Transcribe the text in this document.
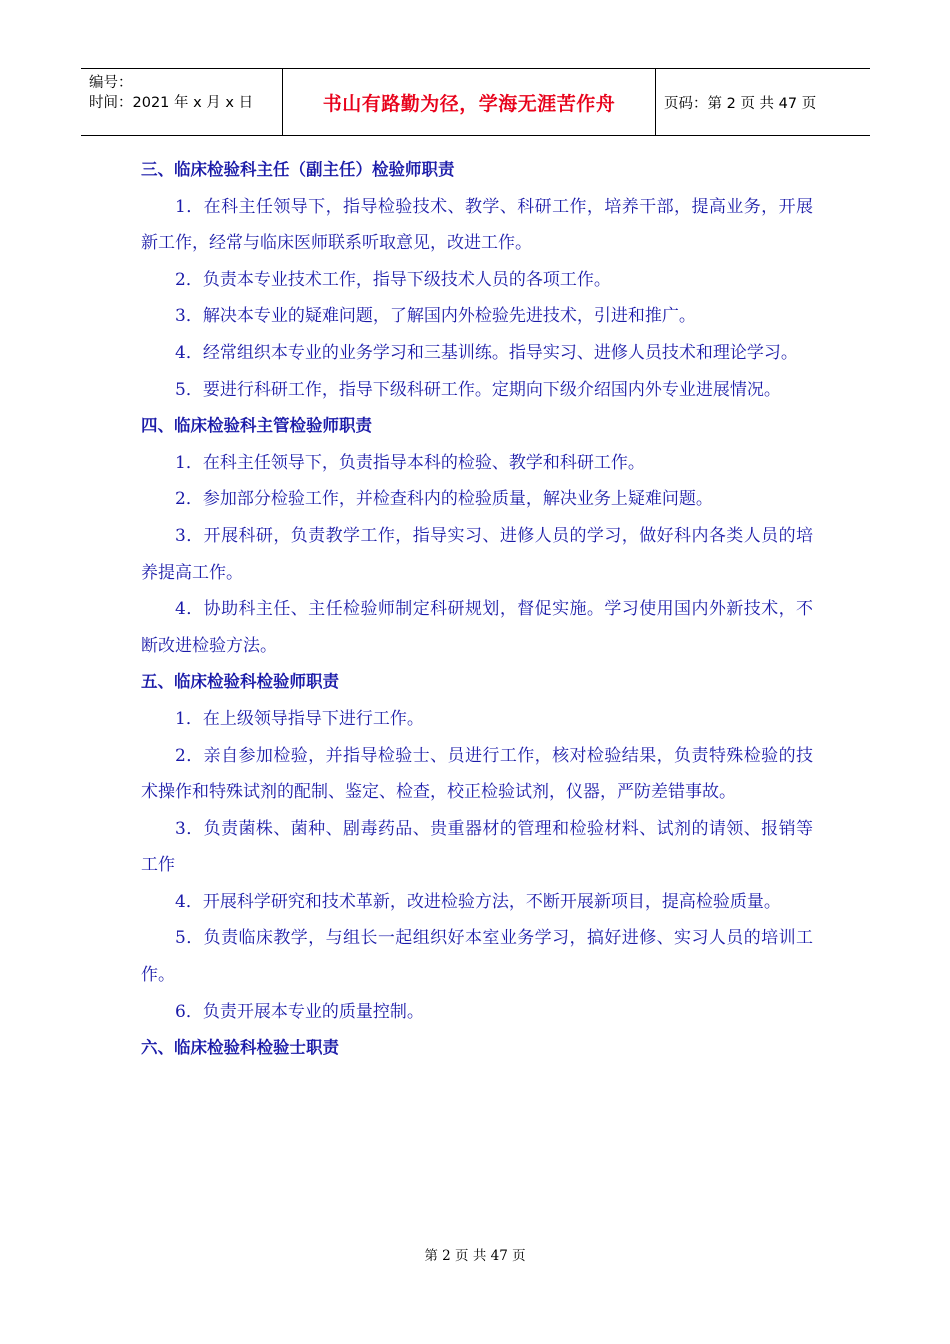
编号：
时间：2021 年 x 月 x 日	书山有路勤为径，学海无涯苦作舟	页码：第 2 页 共 47 页

三、临床检验科主任（副主任）检验师职责

1．在科主任领导下，指导检验技术、教学、科研工作，培养干部，提高业务，开展新工作，经常与临床医师联系听取意见，改进工作。

2．负责本专业技术工作，指导下级技术人员的各项工作。

3．解决本专业的疑难问题，了解国内外检验先进技术，引进和推广。

4．经常组织本专业的业务学习和三基训练。指导实习、进修人员技术和理论学习。

5．要进行科研工作，指导下级科研工作。定期向下级介绍国内外专业进展情况。

四、临床检验科主管检验师职责

1．在科主任领导下，负责指导本科的检验、教学和科研工作。

2．参加部分检验工作，并检查科内的检验质量，解决业务上疑难问题。

3．开展科研，负责教学工作，指导实习、进修人员的学习，做好科内各类人员的培养提高工作。

4．协助科主任、主任检验师制定科研规划，督促实施。学习使用国内外新技术，不断改进检验方法。

五、临床检验科检验师职责

1．在上级领导指导下进行工作。

2．亲自参加检验，并指导检验士、员进行工作，核对检验结果，负责特殊检验的技术操作和特殊试剂的配制、鉴定、检查，校正检验试剂，仪器，严防差错事故。

3．负责菌株、菌种、剧毒药品、贵重器材的管理和检验材料、试剂的请领、报销等工作

4．开展科学研究和技术革新，改进检验方法，不断开展新项目，提高检验质量。

5．负责临床教学，与组长一起组织好本室业务学习，搞好进修、实习人员的培训工作。

6．负责开展本专业的质量控制。

六、临床检验科检验士职责

第 2 页 共 47 页
